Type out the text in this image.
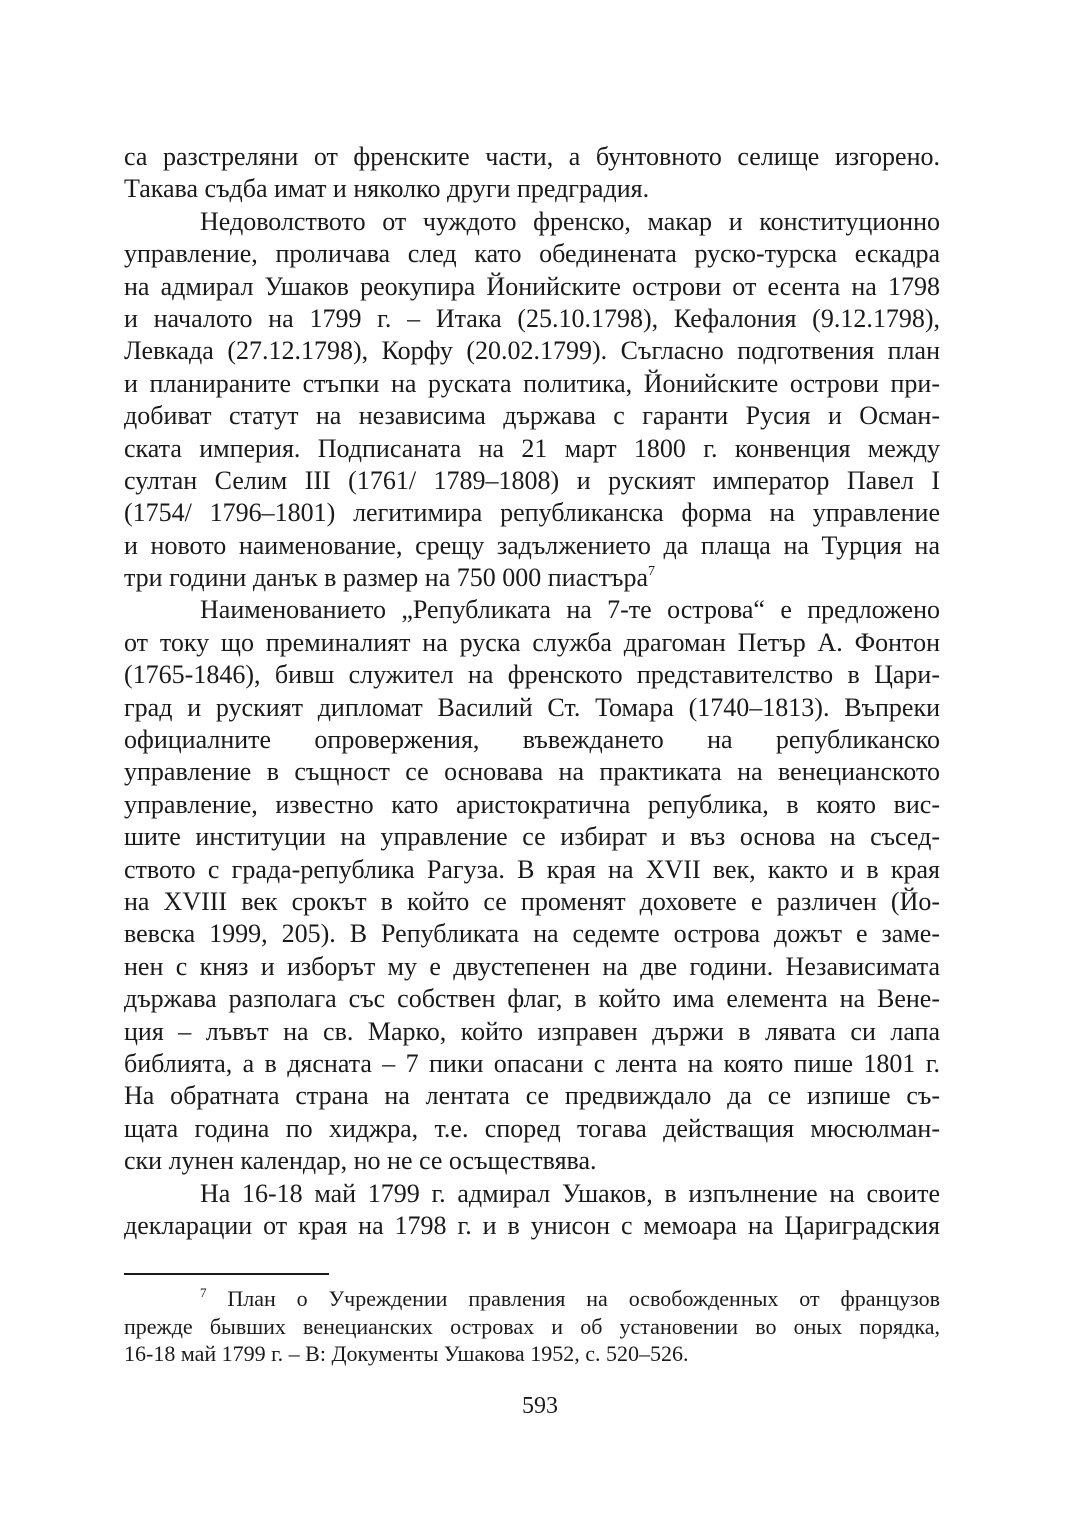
са разстреляни от френските части, а бунтовното селище изгорено.
Такава съдба имат и няколко други предградия.
Недоволството от чуждото френско, макар и конституционно
управление, проличава след като обединената руско-турска ескадра
на адмирал Ушаков реокупира Йонийските острови от есента на 1798
и началото на 1799 г. – Итака (25.10.1798), Кефалония (9.12.1798),
Левкада (27.12.1798), Корфу (20.02.1799). Съгласно подготвения план
и планираните стъпки на руската политика, Йонийските острови при-
добиват статут на независима държава с гаранти Русия и Осман-
ската империя. Подписаната на 21 март 1800 г. конвенция между
султан Селим III (1761/ 1789–1808) и руският император Павел I
(1754/ 1796–1801) легитимира републиканска форма на управление
и новото наименование, срещу задължението да плаща на Турция на
три години данък в размер на 750 000 пиастъра$^7$
Наименованието „Републиката на 7-те острова“ е предложено
от току що преминалият на руска служба драгоман Петър А. Фонтон
(1765-1846), бивш служител на френското представителство в Цари-
град и руският дипломат Василий Ст. Томара (1740–1813). Въпреки
официалните опровержения, въвеждането на републиканско
управление в същност се основава на практиката на венецианското
управление, известно като аристократична република, в която вис-
шите институции на управление се избират и въз основа на съсед-
ството с града-република Рагуза. В края на XVII век, както и в края
на XVIII век срокът в който се променят доховете е различен (Йо-
вевска 1999, 205). В Републиката на седемте острова дожът е заме-
нен с княз и изборът му е двустепенен на две години. Независимата
държава разполага със собствен флаг, в който има елемента на Вене-
ция – лъвът на св. Марко, който изправен държи в лявата си лапа
библията, а в дясната – 7 пики опасани с лента на която пише 1801 г.
На обратната страна на лентата се предвиждало да се изпише съ-
щата година по хиджра, т.е. според тогава действащия мюсюлман-
ски лунен календар, но не се осъществява.
На 16-18 май 1799 г. адмирал Ушаков, в изпълнение на своите
декларации от края на 1798 г. и в унисон с мемоара на Цариградския
$^7$ План о Учреждении правления на освобожденных от французов
прежде бывших венецианских островах и об установении во оных порядка,
16-18 май 1799 г. – В: Документы Ушакова 1952, с. 520–526.
593
